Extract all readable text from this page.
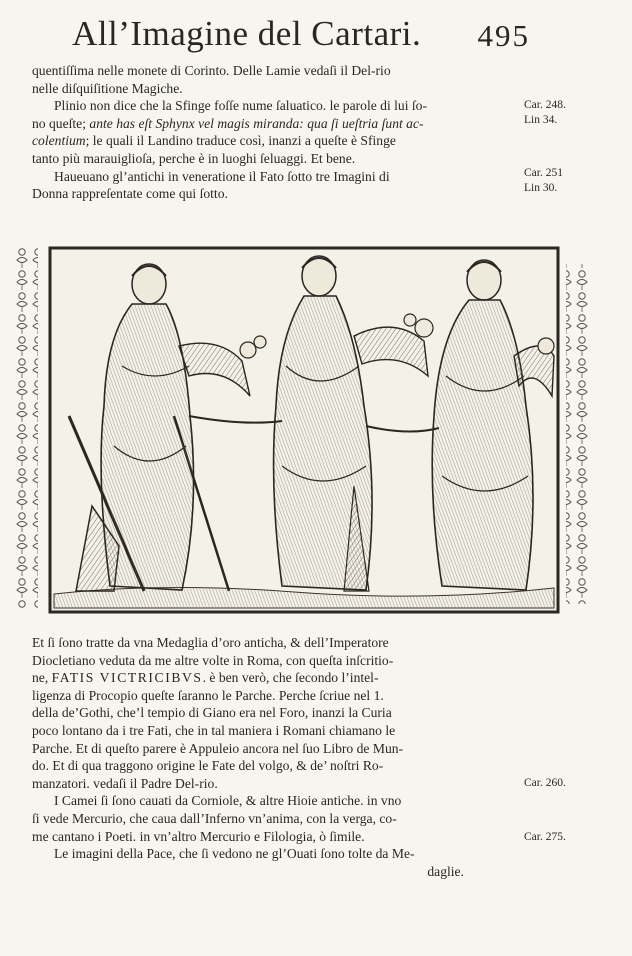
All’Imagine del Cartari. 495

quentiſſima nelle monete di Corinto. Delle Lamie vedaſi il Del-rio

nelle diſquiſitione Magiche.

Plinio non dice che la Sfinge foſſe nume ſaluatico. le parole di lui ſo-

no queſte; ante has eſt Sphynx vel magis miranda: qua ſi ueſtria ſunt ac-

colentium; le quali il Landino traduce così, inanzi a queſte è Sfinge

tanto più marauiglioſa, perche è in luoghi ſeluaggi. Et bene.

Haueuano gl’antichi in veneratione il Fato ſotto tre Imagini di

Donna rappreſentate come qui ſotto.

Car. 248.
Lin 34.
Car. 251
Lin 30.

Et ſi ſono tratte da vna Medaglia d’oro anticha, & dell’Imperatore

Diocletiano veduta da me altre volte in Roma, con queſta inſcritio-

ne, FATIS VICTRICIBVS. è ben verò, che ſecondo l’intel-

ligenza di Procopio queſte ſaranno le Parche. Perche ſcriue nel 1.

della de’Gothi, che’l tempio di Giano era nel Foro, inanzi la Curia

poco lontano da i tre Fati, che in tal maniera i Romani chiamano le

Parche. Et di queſto parere è Appuleio ancora nel ſuo Libro de Mun-

do. Et di qua traggono origine le Fate del volgo, & de’ noſtri Ro-

manzatori. vedaſi il Padre Del-rio.

I Camei ſi ſono cauati da Corniole, & altre Hioie antiche. in vno

ſi vede Mercurio, che caua dall’Inferno vn’anima, con la verga, co-

me cantano i Poeti. in vn’altro Mercurio e Filologia, ò ſimile.

Le imagini della Pace, che ſi vedono ne gl’Ouati ſono tolte da Me-

daglie.

Car. 260.
Car. 275.
